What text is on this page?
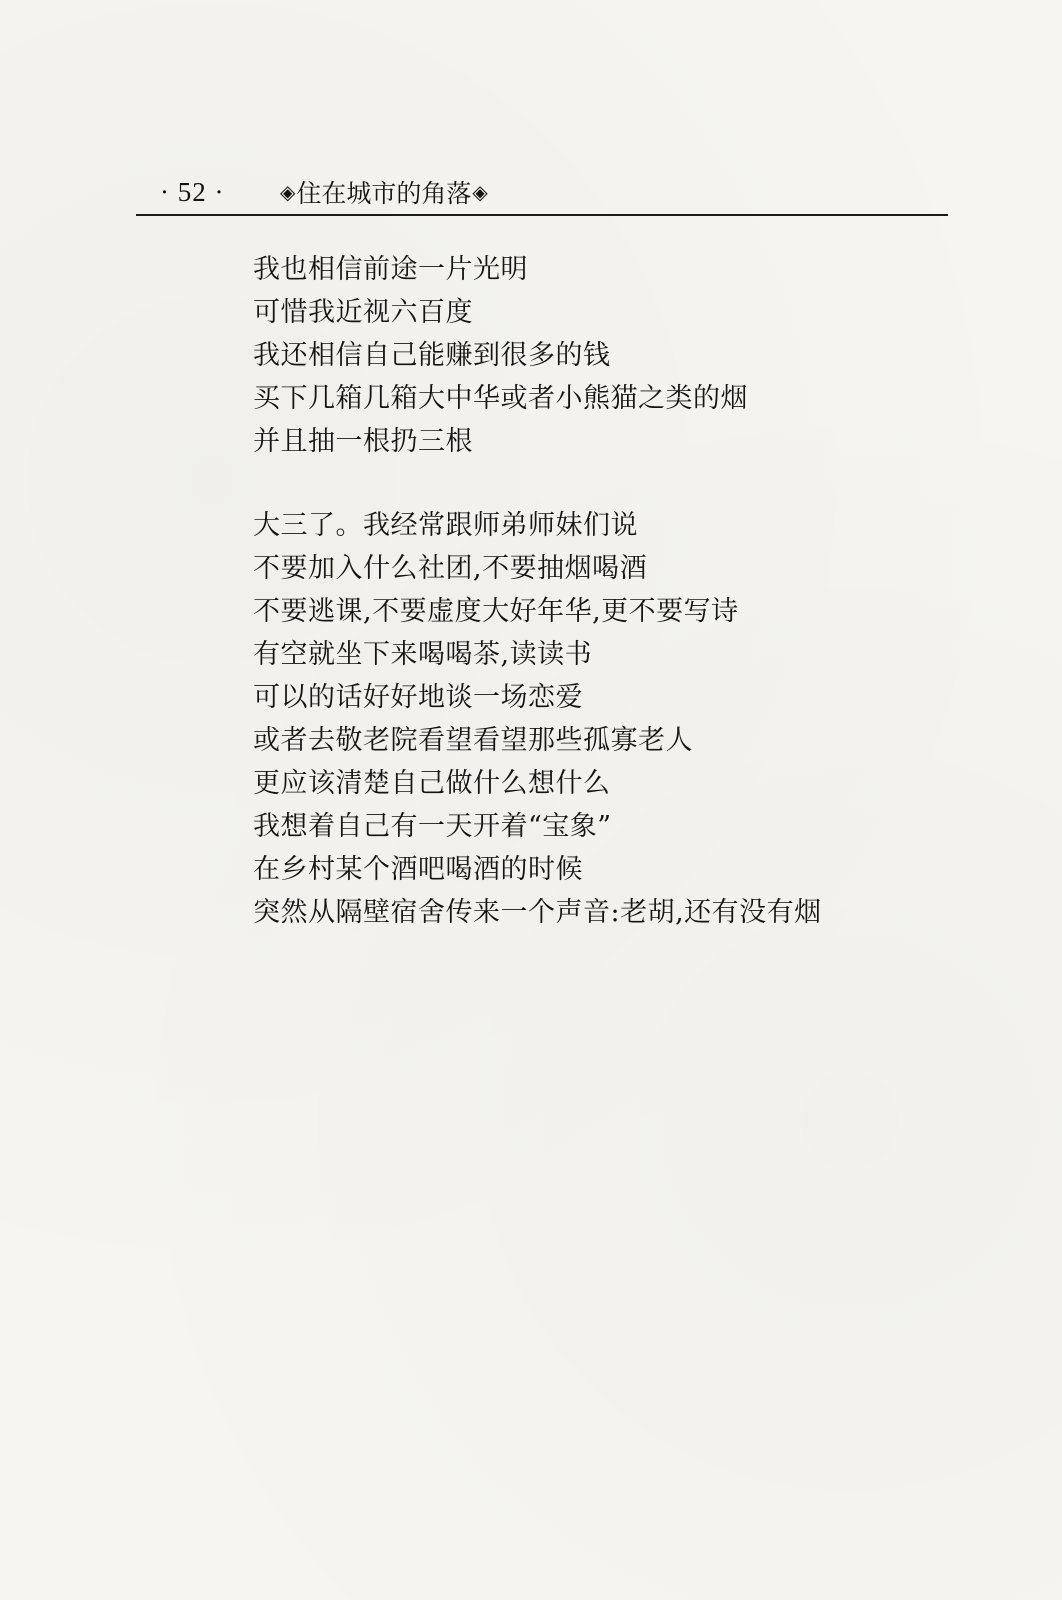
· 52 ·	◈ 住在城市的角落 ◈
我也相信前途一片光明
可惜我近视六百度
我还相信自己能赚到很多的钱
买下几箱几箱大中华或者小熊猫之类的烟
并且抽一根扔三根
大三了。我经常跟师弟师妹们说
不要加入什么社团,不要抽烟喝酒
不要逃课,不要虚度大好年华,更不要写诗
有空就坐下来喝喝茶,读读书
可以的话好好地谈一场恋爱
或者去敬老院看望看望那些孤寡老人
更应该清楚自己做什么想什么
我想着自己有一天开着“宝象”
在乡村某个酒吧喝酒的时候
突然从隔壁宿舍传来一个声音:老胡,还有没有烟
